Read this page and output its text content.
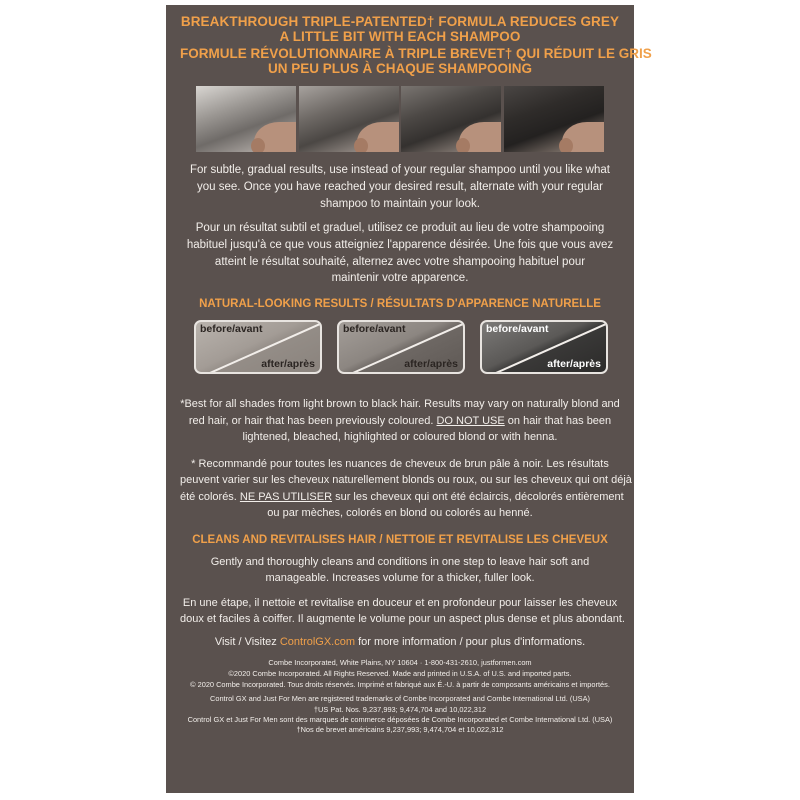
BREAKTHROUGH TRIPLE-PATENTED† FORMULA REDUCES GREY
A LITTLE BIT WITH EACH SHAMPOO
FORMULE RÉVOLUTIONNAIRE À TRIPLE BREVET† QUI RÉDUIT LE GRIS
UN PEU PLUS À CHAQUE SHAMPOOING
For subtle, gradual results, use instead of your regular shampoo until you like what
you see. Once you have reached your desired result, alternate with your regular
shampoo to maintain your look.
Pour un résultat subtil et graduel, utilisez ce produit au lieu de votre shampooing
habituel jusqu'à ce que vous atteigniez l'apparence désirée. Une fois que vous avez
atteint le résultat souhaité, alternez avec votre shampooing habituel pour
maintenir votre apparence.
NATURAL-LOOKING RESULTS / RÉSULTATS D'APPARENCE NATURELLE
before/avant
after/après
before/avant
after/après
before/avant
after/après
*Best for all shades from light brown to black hair. Results may vary on naturally blond and
red hair, or hair that has been previously coloured. DO NOT USE on hair that has been
lightened, bleached, highlighted or coloured blond or with henna.
* Recommandé pour toutes les nuances de cheveux de brun pâle à noir. Les résultats
peuvent varier sur les cheveux naturellement blonds ou roux, ou sur les cheveux qui ont déjà
été colorés. NE PAS UTILISER sur les cheveux qui ont été éclaircis, décolorés entièrement
ou par mèches, colorés en blond ou colorés au henné.
CLEANS AND REVITALISES HAIR / NETTOIE ET REVITALISE LES CHEVEUX
Gently and thoroughly cleans and conditions in one step to leave hair soft and
manageable. Increases volume for a thicker, fuller look.
En une étape, il nettoie et revitalise en douceur et en profondeur pour laisser les cheveux
doux et faciles à coiffer. Il augmente le volume pour un aspect plus dense et plus abondant.
Visit / Visitez ControlGX.com for more information / pour plus d'informations.
Combe Incorporated, White Plains, NY 10604 · 1-800-431-2610, justformen.com
©2020 Combe Incorporated. All Rights Reserved. Made and printed in U.S.A. of U.S. and imported parts.
© 2020 Combe Incorporated. Tous droits réservés. Imprimé et fabriqué aux É.-U. à partir de composants américains et importés.
Control GX and Just For Men are registered trademarks of Combe Incorporated and Combe International Ltd. (USA)
†US Pat. Nos. 9,237,993; 9,474,704 and 10,022,312
Control GX et Just For Men sont des marques de commerce déposées de Combe Incorporated et Combe International Ltd. (USA)
†Nos de brevet américains 9,237,993; 9,474,704 et 10,022,312
